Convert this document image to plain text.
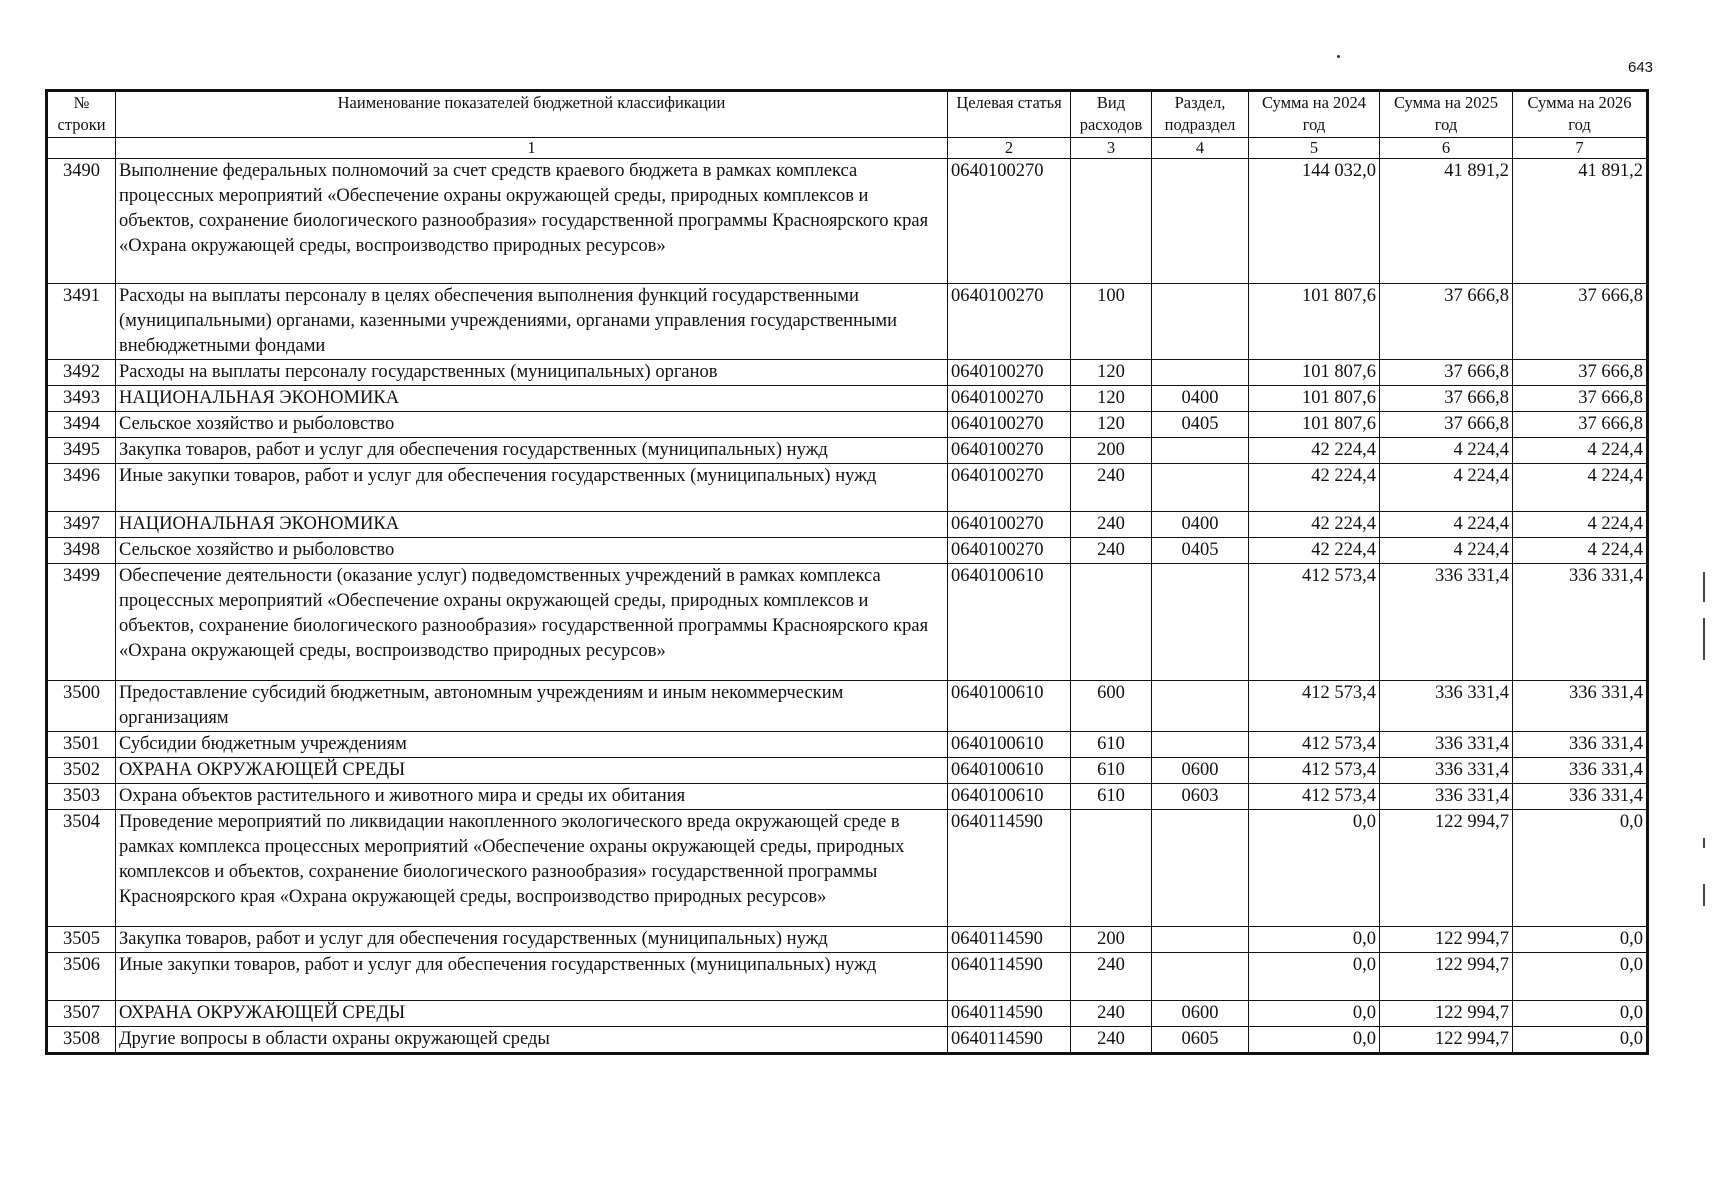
643
№ строки	Наименование показателей бюджетной классификации	Целевая статья	Вид расходов	Раздел, подраздел	Сумма на 2024 год	Сумма на 2025 год	Сумма на 2026 год
	1	2	3	4	5	6	7
3490	Выполнение федеральных полномочий за счет средств краевого бюджета в рамках комплекса процессных мероприятий «Обеспечение охраны окружающей среды, природных комплексов и объектов, сохранение биологического разнообразия» государственной программы Красноярского края «Охрана окружающей среды, воспроизводство природных ресурсов»	0640100270			144 032,0	41 891,2	41 891,2
3491	Расходы на выплаты персоналу в целях обеспечения выполнения функций государственными (муниципальными) органами, казенными учреждениями, органами управления государственными внебюджетными фондами	0640100270	100		101 807,6	37 666,8	37 666,8
3492	Расходы на выплаты персоналу государственных (муниципальных) органов	0640100270	120		101 807,6	37 666,8	37 666,8
3493	НАЦИОНАЛЬНАЯ ЭКОНОМИКА	0640100270	120	0400	101 807,6	37 666,8	37 666,8
3494	Сельское хозяйство и рыболовство	0640100270	120	0405	101 807,6	37 666,8	37 666,8
3495	Закупка товаров, работ и услуг для обеспечения государственных (муниципальных) нужд	0640100270	200		42 224,4	4 224,4	4 224,4
3496	Иные закупки товаров, работ и услуг для обеспечения государственных (муниципальных) нужд	0640100270	240		42 224,4	4 224,4	4 224,4
3497	НАЦИОНАЛЬНАЯ ЭКОНОМИКА	0640100270	240	0400	42 224,4	4 224,4	4 224,4
3498	Сельское хозяйство и рыболовство	0640100270	240	0405	42 224,4	4 224,4	4 224,4
3499	Обеспечение деятельности (оказание услуг) подведомственных учреждений в рамках комплекса процессных мероприятий «Обеспечение охраны окружающей среды, природных комплексов и объектов, сохранение биологического разнообразия» государственной программы Красноярского края «Охрана окружающей среды, воспроизводство природных ресурсов»	0640100610			412 573,4	336 331,4	336 331,4
3500	Предоставление субсидий бюджетным, автономным учреждениям и иным некоммерческим организациям	0640100610	600		412 573,4	336 331,4	336 331,4
3501	Субсидии бюджетным учреждениям	0640100610	610		412 573,4	336 331,4	336 331,4
3502	ОХРАНА ОКРУЖАЮЩЕЙ СРЕДЫ	0640100610	610	0600	412 573,4	336 331,4	336 331,4
3503	Охрана объектов растительного и животного мира и среды их обитания	0640100610	610	0603	412 573,4	336 331,4	336 331,4
3504	Проведение мероприятий по ликвидации накопленного экологического вреда окружающей среде в рамках комплекса процессных мероприятий «Обеспечение охраны окружающей среды, природных комплексов и объектов, сохранение биологического разнообразия» государственной программы Красноярского края «Охрана окружающей среды, воспроизводство природных ресурсов»	0640114590			0,0	122 994,7	0,0
3505	Закупка товаров, работ и услуг для обеспечения государственных (муниципальных) нужд	0640114590	200		0,0	122 994,7	0,0
3506	Иные закупки товаров, работ и услуг для обеспечения государственных (муниципальных) нужд	0640114590	240		0,0	122 994,7	0,0
3507	ОХРАНА ОКРУЖАЮЩЕЙ СРЕДЫ	0640114590	240	0600	0,0	122 994,7	0,0
3508	Другие вопросы в области охраны окружающей среды	0640114590	240	0605	0,0	122 994,7	0,0
